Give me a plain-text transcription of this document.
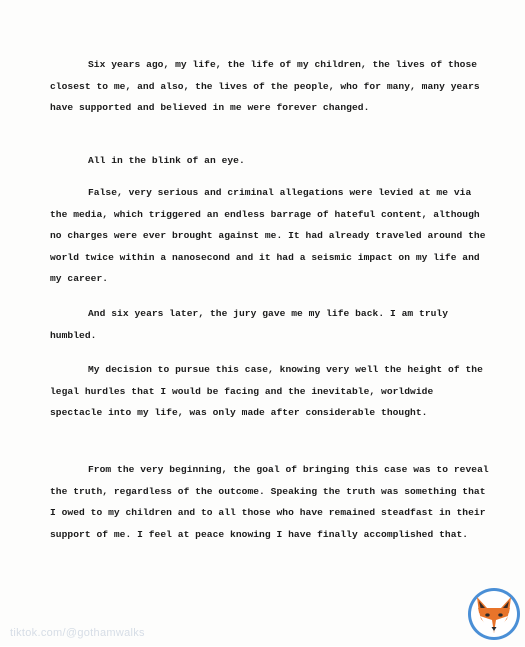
Six years ago, my life, the life of my children, the lives of those closest to me, and also, the lives of the people, who for many, many years have supported and believed in me were forever changed.

All in the blink of an eye.

False, very serious and criminal allegations were levied at me via the media, which triggered an endless barrage of hateful content, although no charges were ever brought against me. It had already traveled around the world twice within a nanosecond and it had a seismic impact on my life and my career.

And six years later, the jury gave me my life back. I am truly humbled.

My decision to pursue this case, knowing very well the height of the legal hurdles that I would be facing and the inevitable, worldwide spectacle into my life, was only made after considerable thought.

From the very beginning, the goal of bringing this case was to reveal the truth, regardless of the outcome. Speaking the truth was something that I owed to my children and to all those who have remained steadfast in their support of me. I feel at peace knowing I have finally accomplished that.

tiktok.com/@gothamwalks
